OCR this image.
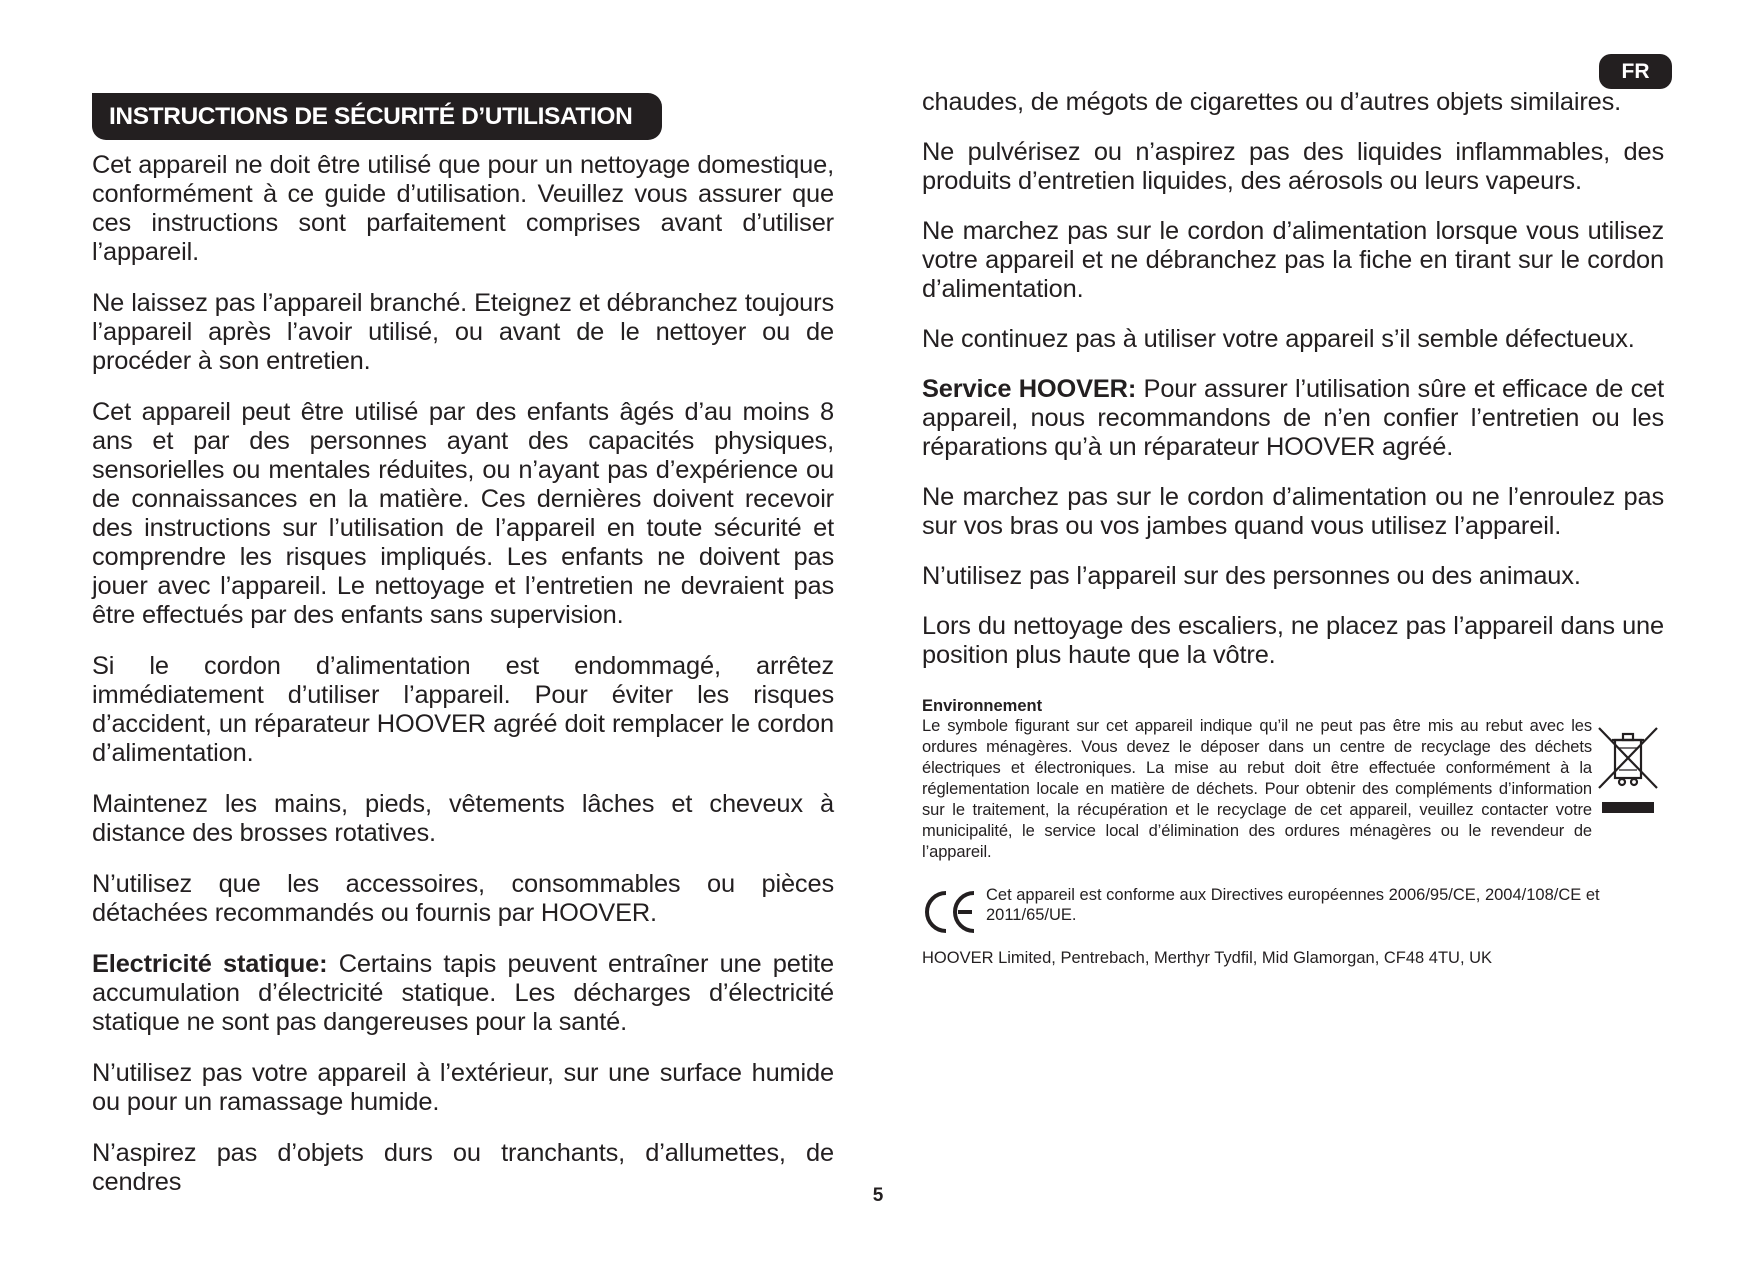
FR
INSTRUCTIONS DE SÉCURITÉ D’UTILISATION

Cet appareil ne doit être utilisé que pour un nettoyage domestique, conformément à ce guide d’utilisation. Veuillez vous assurer que ces instructions sont parfaitement comprises avant d’utiliser l’appareil.

Ne laissez pas l’appareil branché. Eteignez et débranchez toujours l’appareil après l’avoir utilisé, ou avant de le nettoyer ou de procéder à son entretien.

Cet appareil peut être utilisé par des enfants âgés d’au moins 8 ans et par des personnes ayant des capacités physiques, sensorielles ou mentales réduites, ou n’ayant pas d’expérience ou de connaissances en la matière. Ces dernières doivent recevoir des instructions sur l’utilisation de l’appareil en toute sécurité et comprendre les risques impliqués. Les enfants ne doivent pas jouer avec l’appareil. Le nettoyage et l’entretien ne devraient pas être effectués par des enfants sans supervision.

Si le cordon d’alimentation est endommagé, arrêtez immédiatement d’utiliser l’appareil. Pour éviter les risques d’accident, un réparateur HOOVER agréé doit remplacer le cordon d’alimentation.

Maintenez les mains, pieds, vêtements lâches et cheveux à distance des brosses rotatives.

N’utilisez que les accessoires, consommables ou pièces détachées recommandés ou fournis par HOOVER.

Electricité statique: Certains tapis peuvent entraîner une petite accumulation d’électricité statique. Les décharges d’électricité statique ne sont pas dangereuses pour la santé.

N’utilisez pas votre appareil à l’extérieur, sur une surface humide ou pour un ramassage humide.

N’aspirez pas d’objets durs ou tranchants, d’allumettes, de cendres

chaudes, de mégots de cigarettes ou d’autres objets similaires.

Ne pulvérisez ou n’aspirez pas des liquides inflammables, des produits d’entretien liquides, des aérosols ou leurs vapeurs.

Ne marchez pas sur le cordon d’alimentation lorsque vous utilisez votre appareil et ne débranchez pas la fiche en tirant sur le cordon d’alimentation.

Ne continuez pas à utiliser votre appareil s’il semble défectueux.

Service HOOVER: Pour assurer l’utilisation sûre et efficace de cet appareil, nous recommandons de n’en confier l’entretien ou les réparations qu’à un réparateur HOOVER agréé.

Ne marchez pas sur le cordon d’alimentation ou ne l’enroulez pas sur vos bras ou vos jambes quand vous utilisez l’appareil.

N’utilisez pas l’appareil sur des personnes ou des animaux.

Lors du nettoyage des escaliers, ne placez pas l’appareil dans une position plus haute que la vôtre.

Environnement
Le symbole figurant sur cet appareil indique qu’il ne peut pas être mis au rebut avec les ordures ménagères. Vous devez le déposer dans un centre de recyclage des déchets électriques et électroniques. La mise au rebut doit être effectuée conformément à la réglementation locale en matière de déchets. Pour obtenir des compléments d’information sur le traitement, la récupération et le recyclage de cet appareil, veuillez contacter votre municipalité, le service local d’élimination des ordures ménagères ou le revendeur de l’appareil.
Cet appareil est conforme aux Directives européennes 2006/95/CE, 2004/108/CE et 2011/65/UE.
HOOVER Limited, Pentrebach, Merthyr Tydfil, Mid Glamorgan, CF48 4TU, UK
5
